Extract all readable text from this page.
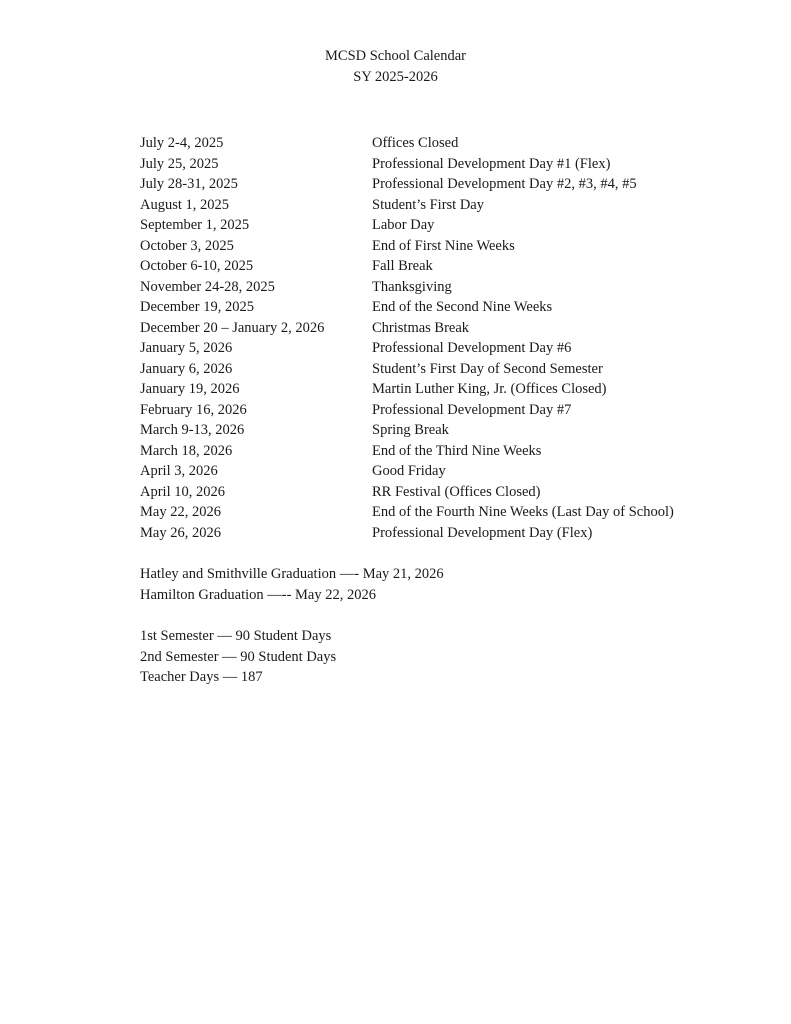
MCSD School Calendar
SY 2025-2026
July 2-4, 2025	Offices Closed
July 25, 2025	Professional Development Day #1 (Flex)
July 28-31, 2025	Professional Development Day #2, #3, #4, #5
August 1, 2025	Student’s First Day
September 1, 2025	Labor Day
October 3, 2025	End of First Nine Weeks
October 6-10, 2025	Fall Break
November 24-28, 2025	Thanksgiving
December 19, 2025	End of the Second Nine Weeks
December 20 – January 2, 2026	Christmas Break
January 5, 2026	Professional Development Day #6
January 6, 2026	Student’s First Day of Second Semester
January 19, 2026	Martin Luther King, Jr. (Offices Closed)
February 16, 2026	Professional Development Day #7
March 9-13, 2026	Spring Break
March 18, 2026	End of the Third Nine Weeks
April 3, 2026	Good Friday
April 10, 2026	RR Festival (Offices Closed)
May 22, 2026	End of the Fourth Nine Weeks (Last Day of School)
May 26, 2026	Professional Development Day (Flex)
Hatley and Smithville Graduation —- May 21, 2026
Hamilton Graduation —-- May 22, 2026
1st Semester — 90 Student Days
2nd Semester — 90 Student Days
Teacher Days — 187
